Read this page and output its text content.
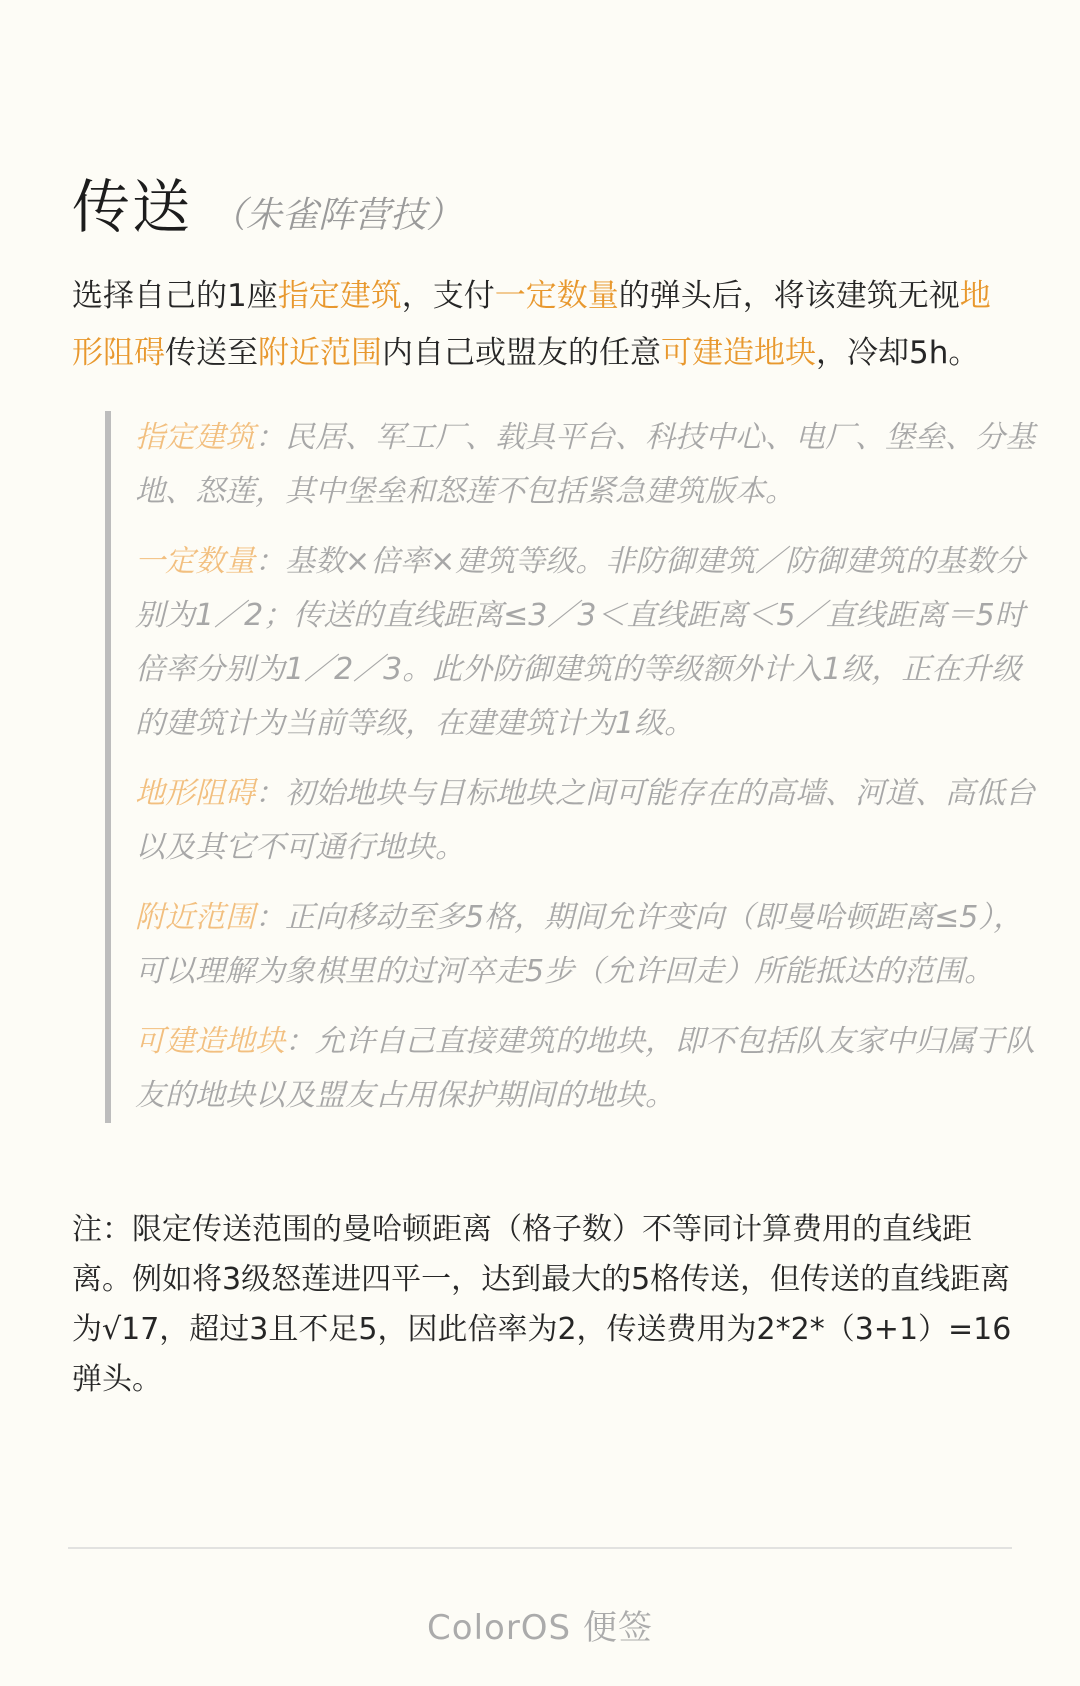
传送 （朱雀阵营技）
选择自己的1座指定建筑，支付一定数量的弹头后，将该建筑无视地形阻碍传送至附近范围内自己或盟友的任意可建造地块，冷却5h。
指定建筑：民居、军工厂、载具平台、科技中心、电厂、堡垒、分基地、怒莲，其中堡垒和怒莲不包括紧急建筑版本。
一定数量：基数×倍率×建筑等级。非防御建筑／防御建筑的基数分别为1／2；传送的直线距离≤3／3＜直线距离＜5／直线距离＝5时倍率分别为1／2／3。此外防御建筑的等级额外计入1级，正在升级的建筑计为当前等级，在建建筑计为1级。
地形阻碍：初始地块与目标地块之间可能存在的高墙、河道、高低台以及其它不可通行地块。
附近范围：正向移动至多5格，期间允许变向（即曼哈顿距离≤5），可以理解为象棋里的过河卒走5步（允许回走）所能抵达的范围。
可建造地块：允许自己直接建筑的地块，即不包括队友家中归属于队友的地块以及盟友占用保护期间的地块。
注：限定传送范围的曼哈顿距离（格子数）不等同计算费用的直线距离。例如将3级怒莲进四平一，达到最大的5格传送，但传送的直线距离为√17，超过3且不足5，因此倍率为2，传送费用为2*2*（3+1）=16弹头。
ColorOS 便签
